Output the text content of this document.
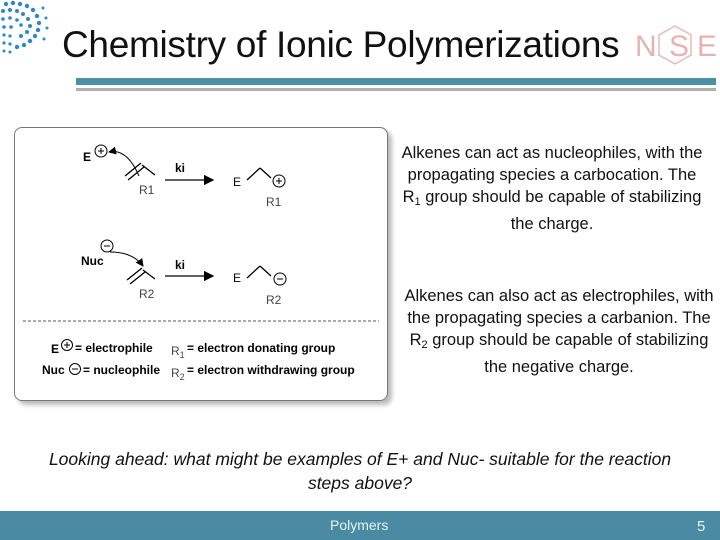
Chemistry of Ionic Polymerizations N S E
E
R1
ki
E
R1
Nuc
R2
ki
E
R2
E = electrophile
Nuc = nucleophile
$R_1$ = electron donating group
$R_2$ = electron withdrawing group
Alkenes can act as nucleophiles, with the propagating species a carbocation. The $R_1$ group should be capable of stabilizing the charge.
Alkenes can also act as electrophiles, with the propagating species a carbanion. The $R_2$ group should be capable of stabilizing the negative charge.
Looking ahead: what might be examples of E+ and Nuc- suitable for the reaction steps above?
Polymers	5
